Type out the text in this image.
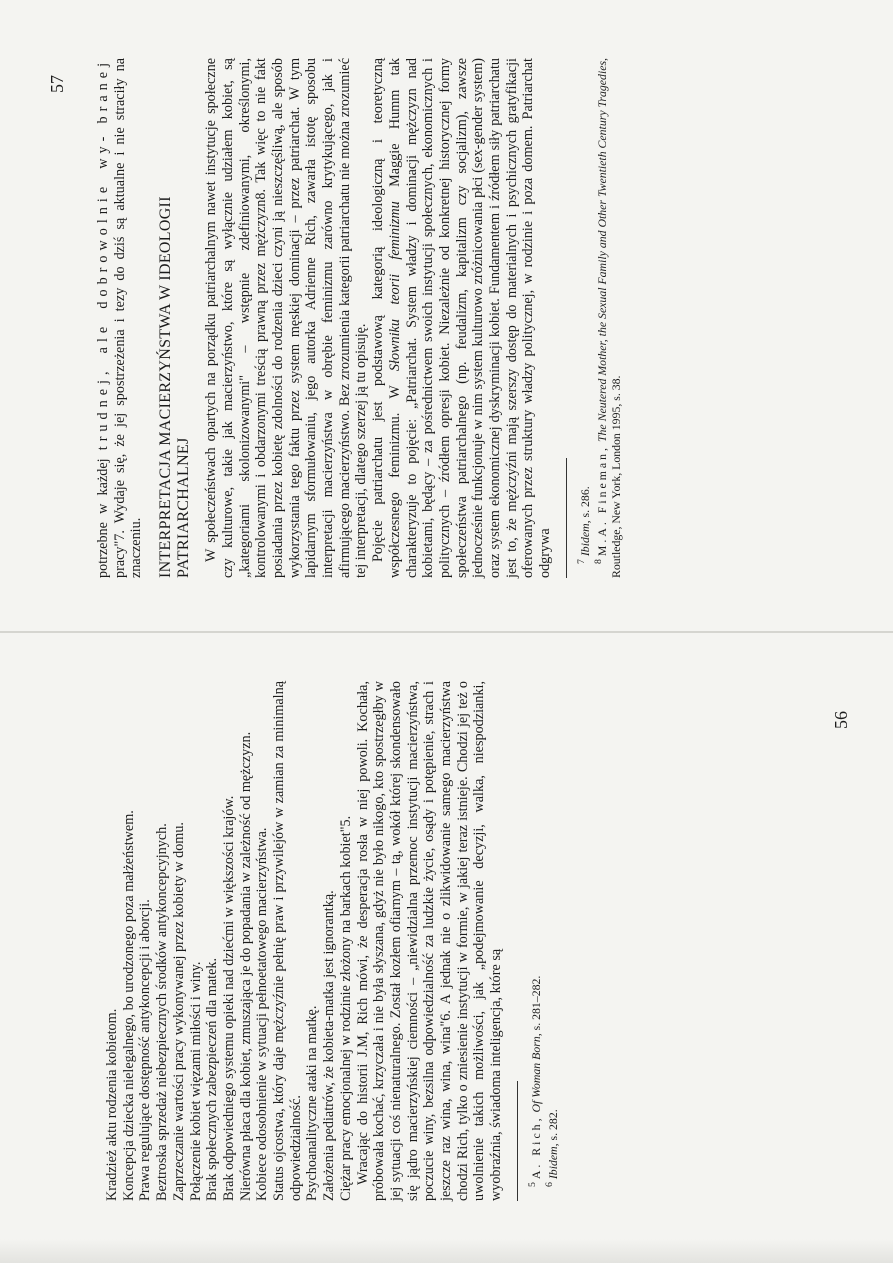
Kradzież aktu rodzenia kobietom. Koncepcja dziecka nielegalnego, bo urodzonego poza małżeństwem. Prawa regulujące dostępność antykoncepcji i aborcji. Beztroska sprzedaż niebezpiecznych środków antykoncepcyjnych. Zaprzeczanie wartości pracy wykonywanej przez kobiety w domu. Połączenie kobiet więzami miłości i winy. Brak społecznych zabezpieczeń dla matek. Brak odpowiedniego systemu opieki nad dziećmi w większości krajów. Nierówna płaca dla kobiet, zmuszająca je do popadania w zależność od mężczyzn. Kobiece odosobnienie w sytuacji pełnoetatowego macierzyństwa. Status ojcostwa, który daje mężczyźnie pełnię praw i przywilejów w zamian za minimalną odpowiedzialność. Psychoanalityczne ataki na matkę. Założenia pediatrów, że kobieta-matka jest ignorantką. Ciężar pracy emocjonalnej w rodzinie złożony na barkach kobiet"5. Wracając do historii J.M, Rich mówi, że desperacja rosła w niej powoli. Kochała, próbowała kochać, krzyczała i nie była słyszana, gdyż nie było nikogo, kto spostrzegłby w jej sytuacji coś nienaturalnego. Został kozłem ofiarnym – tą, wokół której skondensowało się jądro macierzyńskiej ciemności – „niewidzialna przemoc instytucji macierzyństwa, poczucie winy, bezsilna odpowiedzialność za ludzkie życie, osądy i potępienie, strach i jeszcze raz wina, wina, wina"6. A jednak nie o zlikwidowanie samego macierzyństwa chodzi Rich, tylko o zniesienie instytucji w formie, w jakiej teraz istnieje. Chodzi jej też o uwolnienie takich możliwości, jak „podejmowanie decyzji, walka, niespodzianki, wyobraźnia, świadoma inteligencja, które są $^5$ A. Rich, Of Woman Born, s. 281–282.

$^6$ Ibidem, s. 282.

56

potrzebne w każdej trudnej, ale dobrowolnie wy- branej pracy"7. Wydaje się, że jej spostrzeżenia i tezy do dziś są aktualne i nie straciły na znaczeniu. INTERPRETACJA MACIERZYŃSTWA W IDEOLOGII PATRIARCHALNEJ W społeczeństwach opartych na porządku patriarchalnym nawet instytucje społeczne czy kulturowe, takie jak macierzyństwo, które są wyłącznie udziałem kobiet, są „kategoriami skolonizowanymi" – wstępnie zdefiniowanymi, określonymi, kontrolowanymi i obdarzonymi treścią prawną przez mężczyzn8. Tak więc to nie fakt posiadania przez kobietę zdolności do rodzenia dzieci czyni ją nieszczęśliwą, ale sposób wykorzystania tego faktu przez system męskiej dominacji – przez patriarchat. W tym lapidarnym sformułowaniu, jego autorka Adrienne Rich, zawarła istotę sposobu interpretacji macierzyństwa w obrębie feminizmu zarówno krytykującego, jak i afirmującego macierzyństwo. Bez zrozumienia kategorii patriarchatu nie można zrozumieć tej interpretacji, dlatego szerzej ją tu opisuję. Pojęcie patriarchatu jest podstawową kategorią ideologiczną i teoretyczną współczesnego feminizmu. W Słowniku teorii feminizmu Maggie Humm tak charakteryzuje to pojęcie: „Patriarchat. System władzy i dominacji mężczyzn nad kobietami, będący – za pośrednictwem swoich instytucji społecznych, ekonomicznych i politycznych – źródłem opresji kobiet. Niezależnie od konkretnej historycznej formy społeczeństwa patriarchalnego (np. feudalizm, kapitalizm czy socjalizm), zawsze jednocześnie funkcjonuje w nim system kulturowo zróżnicowania płci (sex-gender system) oraz system ekonomicznej dyskryminacji kobiet. Fundamentem i źródłem siły patriarchatu jest to, że mężczyźni mają szerszy dostęp do materialnych i psychicznych gratyfikacji oferowanych przez struktury władzy politycznej, w rodzinie i poza domem. Patriarchat odgrywa $^7$ Ibidem, s. 286.

$^8$ M.A. Fineman, The Neutered Mother, the Sexual Family and Other Twentieth Century Tragedies, Routledge, New York, London 1995, s. 38.

57
